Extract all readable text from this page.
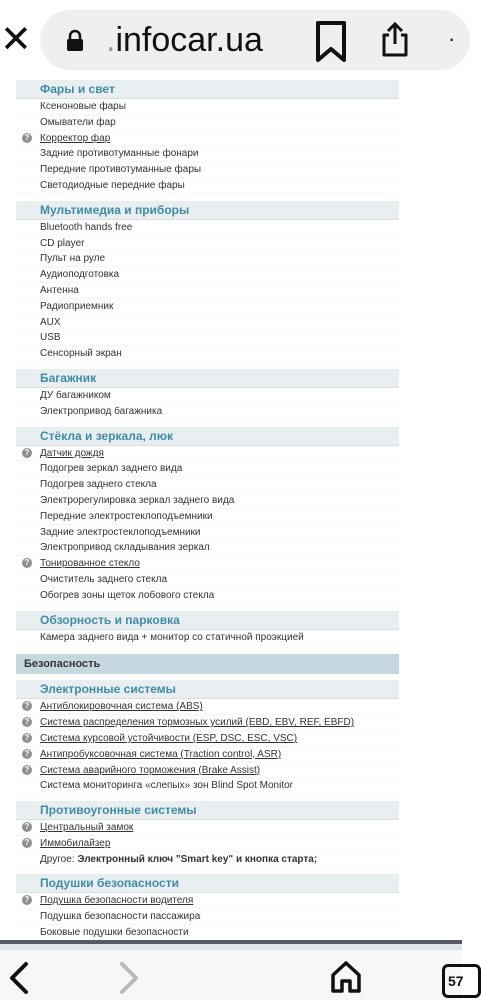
✕ .infocar.ua	·
Фары и свет
Ксеноновые фары
Омыватели фар
? Корректор фар
Задние противотуманные фонари
Передние противотуманные фары
Светодиодные передние фары
Мультимедиа и приборы
Bluetooth hands free
CD player
Пульт на руле
Аудиоподготовка
Антенна
Радиоприемник
AUX
USB
Сенсорный экран
Багажник
ДУ багажником
Электропривод багажника
Стёкла и зеркала, люк
? Датчик дождя
Подогрев зеркал заднего вида
Подогрев заднего стекла
Электрорегулировка зеркал заднего вида
Передние электростеклоподъемники
Задние электростеклоподъемники
Электропривод складывания зеркал
? Тонированное стекло
Очиститель заднего стекла
Обогрев зоны щеток лобового стекла
Обзорность и парковка
Камера заднего вида + монитор со статичной проэкцией
Безопасность
Электронные системы
? Антиблокировочная система (ABS)
? Система распределения тормозных усилий (EBD, EBV, REF, EBFD)
? Система курсовой устойчивости (ESP, DSC, ESC, VSC)
? Антипробуксовочная система (Traction control, ASR)
? Система аварийного торможения (Brake Assist)
Система мониторинга «слепых» зон Blind Spot Monitor
Противоугонные системы
? Центральный замок
? Иммобилайзер
Другое: Электронный ключ "Smart key" и кнопка старта;
Подушки безопасности
? Подушка безопасности водителя
Подушка безопасности пассажира
Боковые подушки безопасности
57
